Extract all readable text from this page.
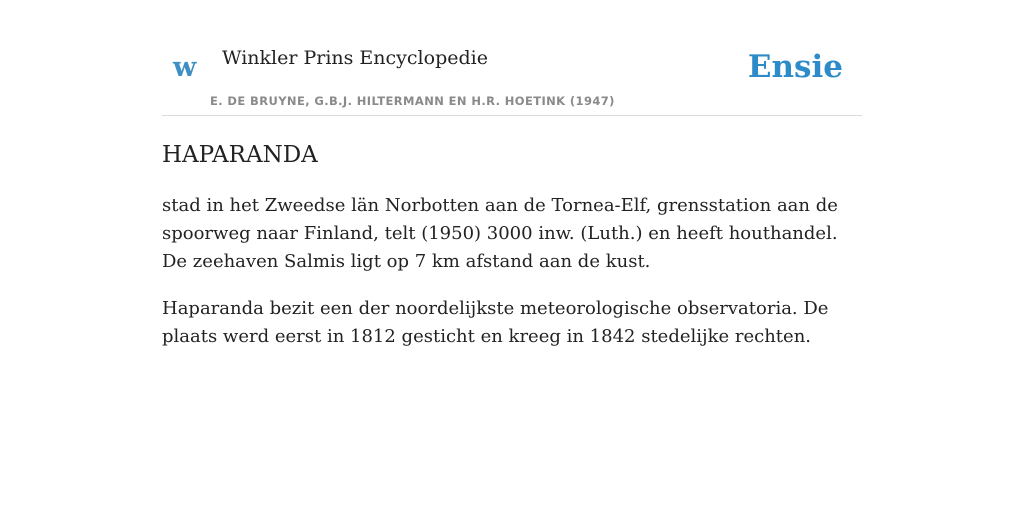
w Winkler Prins Encyclopedie
E. DE BRUYNE, G.B.J. HILTERMANN EN H.R. HOETINK (1947)
Ensie
HAPARANDA

stad in het Zweedse län Norbotten aan de Tornea-Elf, grensstation aan de spoorweg naar Finland, telt (1950) 3000 inw. (Luth.) en heeft houthandel. De zeehaven Salmis ligt op 7 km afstand aan de kust.

Haparanda bezit een der noordelijkste meteorologische observatoria. De plaats werd eerst in 1812 gesticht en kreeg in 1842 stedelijke rechten.
